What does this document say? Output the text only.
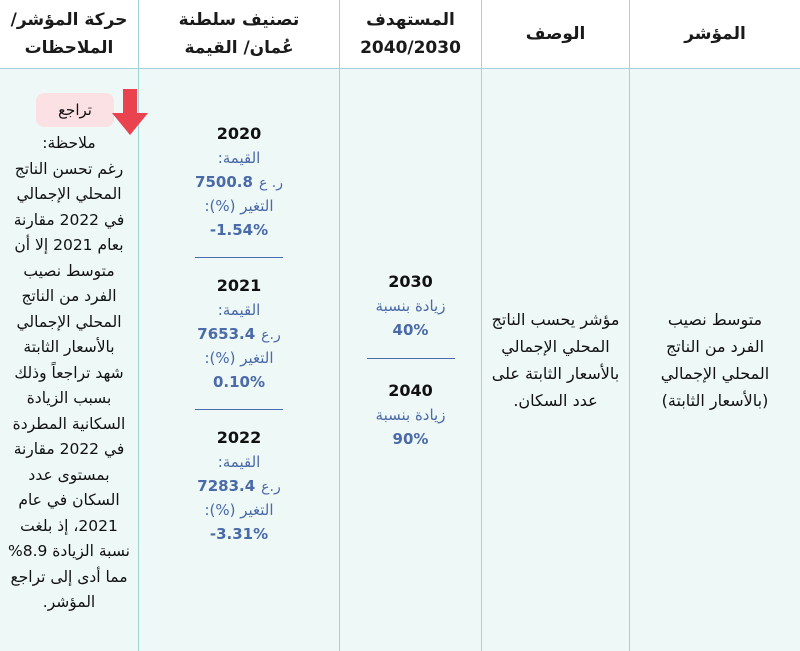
المؤشر
الوصف
المستهدف 2040/2030
تصنيف سلطنة عُمان/ القيمة
حركة المؤشر/ الملاحظات
متوسط نصيب الفرد من الناتج المحلي الإجمالي (بالأسعار الثابتة)
مؤشر يحسب الناتج المحلي الإجمالي بالأسعار الثابتة على عدد السكان.
2030
زيادة بنسبة
40%
2040
زيادة بنسبة
90%
2020
القيمة:
ر. ع
7500.8
التغير (%):
-1.54%
2021
القيمة:
ر.ع
7653.4
التغير (%):
0.10%
2022
القيمة:
ر.ع
7283.4
التغير (%):
-3.31%
تراجع
ملاحظة:
رغم تحسن الناتج المحلي الإجمالي في 2022 مقارنة بعام 2021 إلا أن متوسط نصيب الفرد من الناتج المحلي الإجمالي بالأسعار الثابتة شهد تراجعاً وذلك بسبب الزيادة السكانية المطردة في 2022 مقارنة بمستوى عدد السكان في عام 2021، إذ بلغت نسبة الزيادة 8.9% مما أدى إلى تراجع المؤشر.
